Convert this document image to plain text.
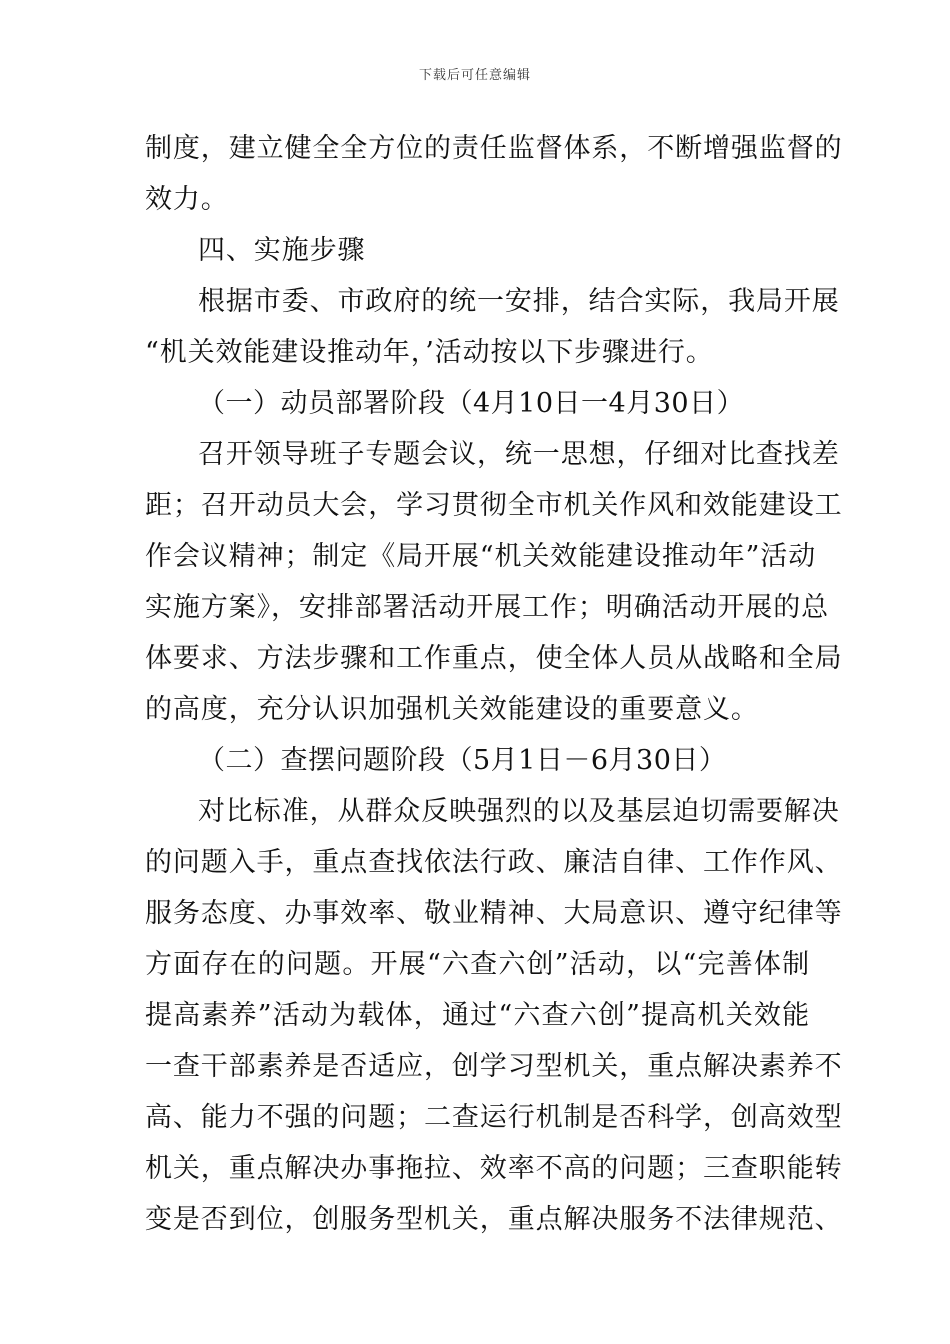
下载后可任意编辑
制度，建立健全全方位的责任监督体系，不断增强监督的
效力。
四、实施步骤
根据市委、市政府的统一安排，结合实际，我局开展
“机关效能建设推动年，’活动按以下步骤进行。
（一）动员部署阶段（4月10日一4月30日）
召开领导班子专题会议，统一思想，仔细对比查找差
距；召开动员大会，学习贯彻全市机关作风和效能建设工
作会议精神；制定《局开展“机关效能建设推动年”活动
实施方案》，安排部署活动开展工作；明确活动开展的总
体要求、方法步骤和工作重点，使全体人员从战略和全局
的高度，充分认识加强机关效能建设的重要意义。
（二）查摆问题阶段（5月1日－6月30日）
对比标准，从群众反映强烈的以及基层迫切需要解决
的问题入手，重点查找依法行政、廉洁自律、工作作风、
服务态度、办事效率、敬业精神、大局意识、遵守纪律等
方面存在的问题。开展“六查六创”活动，以“完善体制
提高素养”活动为载体，通过“六查六创”提高机关效能
一查干部素养是否适应，创学习型机关，重点解决素养不
高、能力不强的问题；二查运行机制是否科学，创高效型
机关，重点解决办事拖拉、效率不高的问题；三查职能转
变是否到位，创服务型机关，重点解决服务不法律规范、
